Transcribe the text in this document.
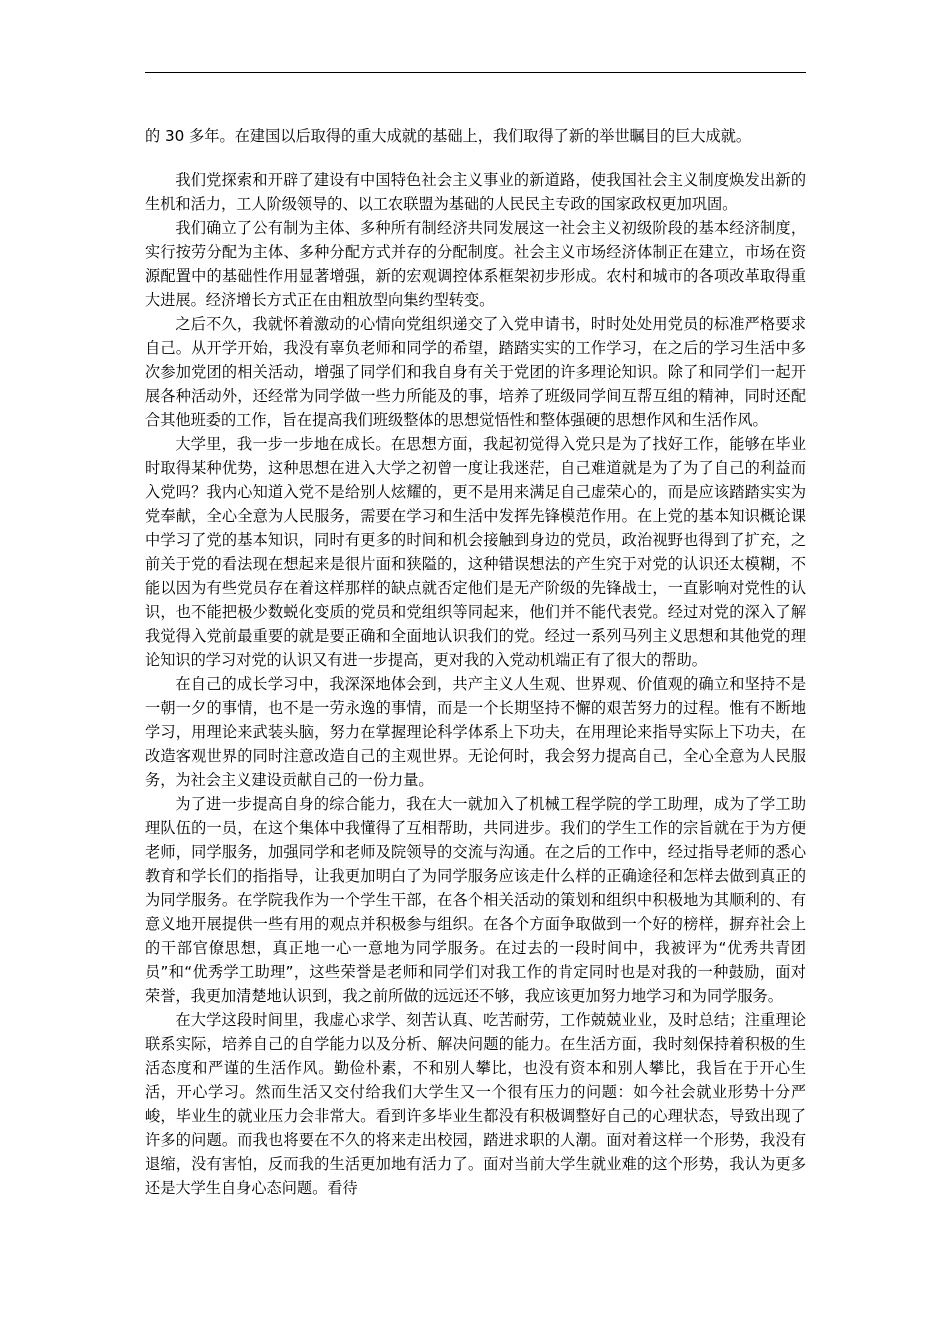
的 30 多年。在建国以后取得的重大成就的基础上，我们取得了新的举世瞩目的巨大成就。

我们党探索和开辟了建设有中国特色社会主义事业的新道路，使我国社会主义制度焕发出新的生机和活力，工人阶级领导的、以工农联盟为基础的人民民主专政的国家政权更加巩固。

我们确立了公有制为主体、多种所有制经济共同发展这一社会主义初级阶段的基本经济制度，实行按劳分配为主体、多种分配方式并存的分配制度。社会主义市场经济体制正在建立，市场在资源配置中的基础性作用显著增强，新的宏观调控体系框架初步形成。农村和城市的各项改革取得重大进展。经济增长方式正在由粗放型向集约型转变。

之后不久，我就怀着激动的心情向党组织递交了入党申请书，时时处处用党员的标准严格要求自己。从开学开始，我没有辜负老师和同学的希望，踏踏实实的工作学习，在之后的学习生活中多次参加党团的相关活动，增强了同学们和我自身有关于党团的许多理论知识。除了和同学们一起开展各种活动外，还经常为同学做一些力所能及的事，培养了班级同学间互帮互组的精神，同时还配合其他班委的工作，旨在提高我们班级整体的思想觉悟性和整体强硬的思想作风和生活作风。

大学里，我一步一步地在成长。在思想方面，我起初觉得入党只是为了找好工作，能够在毕业时取得某种优势，这种思想在进入大学之初曾一度让我迷茫，自己难道就是为了为了自己的利益而入党吗？我内心知道入党不是给别人炫耀的，更不是用来满足自己虚荣心的，而是应该踏踏实实为党奉献，全心全意为人民服务，需要在学习和生活中发挥先锋模范作用。在上党的基本知识概论课中学习了党的基本知识，同时有更多的时间和机会接触到身边的党员，政治视野也得到了扩充，之前关于党的看法现在想起来是很片面和狭隘的，这种错误想法的产生究于对党的认识还太模糊，不能以因为有些党员存在着这样那样的缺点就否定他们是无产阶级的先锋战士，一直影响对党性的认识，也不能把极少数蜕化变质的党员和党组织等同起来，他们并不能代表党。经过对党的深入了解我觉得入党前最重要的就是要正确和全面地认识我们的党。经过一系列马列主义思想和其他党的理论知识的学习对党的认识又有进一步提高，更对我的入党动机端正有了很大的帮助。

在自己的成长学习中，我深深地体会到，共产主义人生观、世界观、价值观的确立和坚持不是一朝一夕的事情，也不是一劳永逸的事情，而是一个长期坚持不懈的艰苦努力的过程。惟有不断地学习，用理论来武装头脑，努力在掌握理论科学体系上下功夫，在用理论来指导实际上下功夫，在改造客观世界的同时注意改造自己的主观世界。无论何时，我会努力提高自己，全心全意为人民服务，为社会主义建设贡献自己的一份力量。

为了进一步提高自身的综合能力，我在大一就加入了机械工程学院的学工助理，成为了学工助理队伍的一员，在这个集体中我懂得了互相帮助，共同进步。我们的学生工作的宗旨就在于为方便老师，同学服务，加强同学和老师及院领导的交流与沟通。在之后的工作中，经过指导老师的悉心教育和学长们的指指导，让我更加明白了为同学服务应该走什么样的正确途径和怎样去做到真正的为同学服务。在学院我作为一个学生干部，在各个相关活动的策划和组织中积极地为其顺利的、有意义地开展提供一些有用的观点并积极参与组织。在各个方面争取做到一个好的榜样，摒弃社会上的干部官僚思想，真正地一心一意地为同学服务。在过去的一段时间中，我被评为“优秀共青团员”和“优秀学工助理”，这些荣誉是老师和同学们对我工作的肯定同时也是对我的一种鼓励，面对荣誉，我更加清楚地认识到，我之前所做的远远还不够，我应该更加努力地学习和为同学服务。

在大学这段时间里，我虚心求学、刻苦认真、吃苦耐劳，工作兢兢业业，及时总结；注重理论联系实际，培养自己的自学能力以及分析、解决问题的能力。在生活方面，我时刻保持着积极的生活态度和严谨的生活作风。勤俭朴素，不和别人攀比，也没有资本和别人攀比，我旨在于开心生活，开心学习。然而生活又交付给我们大学生又一个很有压力的问题：如今社会就业形势十分严峻，毕业生的就业压力会非常大。看到许多毕业生都没有积极调整好自己的心理状态，导致出现了许多的问题。而我也将要在不久的将来走出校园，踏进求职的人潮。面对着这样一个形势，我没有退缩，没有害怕，反而我的生活更加地有活力了。面对当前大学生就业难的这个形势，我认为更多还是大学生自身心态问题。看待
